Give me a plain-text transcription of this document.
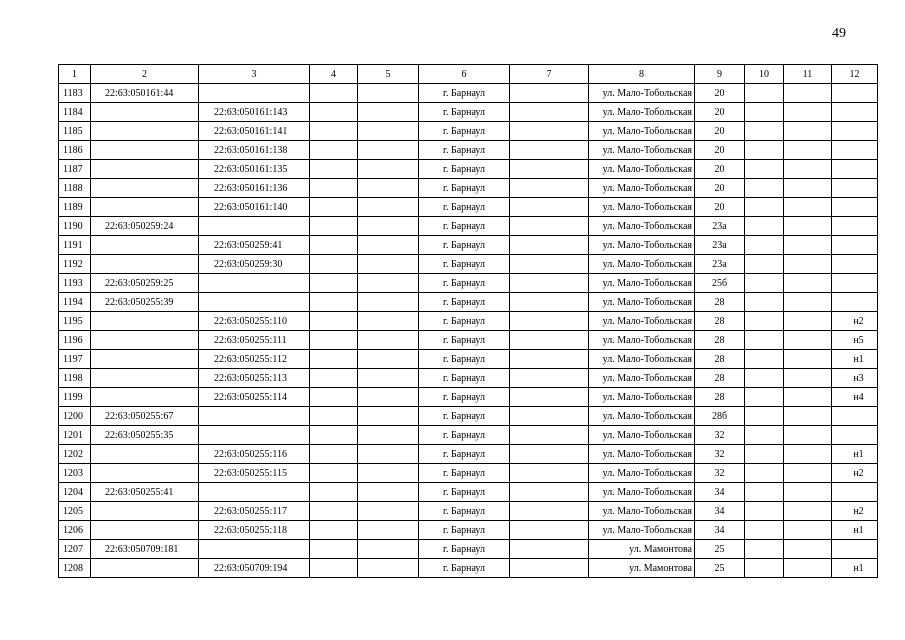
49
1	2	3	4	5	6	7	8	9	10	11	12
1183	22:63:050161:44				г. Барнаул		ул. Мало-Тобольская	20			
1184		22:63:050161:143			г. Барнаул		ул. Мало-Тобольская	20			
1185		22:63:050161:141			г. Барнаул		ул. Мало-Тобольская	20			
1186		22:63:050161:138			г. Барнаул		ул. Мало-Тобольская	20			
1187		22:63:050161:135			г. Барнаул		ул. Мало-Тобольская	20			
1188		22:63:050161:136			г. Барнаул		ул. Мало-Тобольская	20			
1189		22:63:050161:140			г. Барнаул		ул. Мало-Тобольская	20			
1190	22:63:050259:24				г. Барнаул		ул. Мало-Тобольская	23а			
1191		22:63:050259:41			г. Барнаул		ул. Мало-Тобольская	23а			
1192		22:63:050259:30			г. Барнаул		ул. Мало-Тобольская	23а			
1193	22:63:050259:25				г. Барнаул		ул. Мало-Тобольская	25б			
1194	22:63:050255:39				г. Барнаул		ул. Мало-Тобольская	28			
1195		22:63:050255:110			г. Барнаул		ул. Мало-Тобольская	28			н2
1196		22:63:050255:111			г. Барнаул		ул. Мало-Тобольская	28			н5
1197		22:63:050255:112			г. Барнаул		ул. Мало-Тобольская	28			н1
1198		22:63:050255:113			г. Барнаул		ул. Мало-Тобольская	28			н3
1199		22:63:050255:114			г. Барнаул		ул. Мало-Тобольская	28			н4
1200	22:63:050255:67				г. Барнаул		ул. Мало-Тобольская	28б			
1201	22:63:050255:35				г. Барнаул		ул. Мало-Тобольская	32			
1202		22:63:050255:116			г. Барнаул		ул. Мало-Тобольская	32			н1
1203		22:63:050255:115			г. Барнаул		ул. Мало-Тобольская	32			н2
1204	22:63:050255:41				г. Барнаул		ул. Мало-Тобольская	34			
1205		22:63:050255:117			г. Барнаул		ул. Мало-Тобольская	34			н2
1206		22:63:050255:118			г. Барнаул		ул. Мало-Тобольская	34			н1
1207	22:63:050709:181				г. Барнаул		ул. Мамонтова	25			
1208		22:63:050709:194			г. Барнаул		ул. Мамонтова	25			н1
